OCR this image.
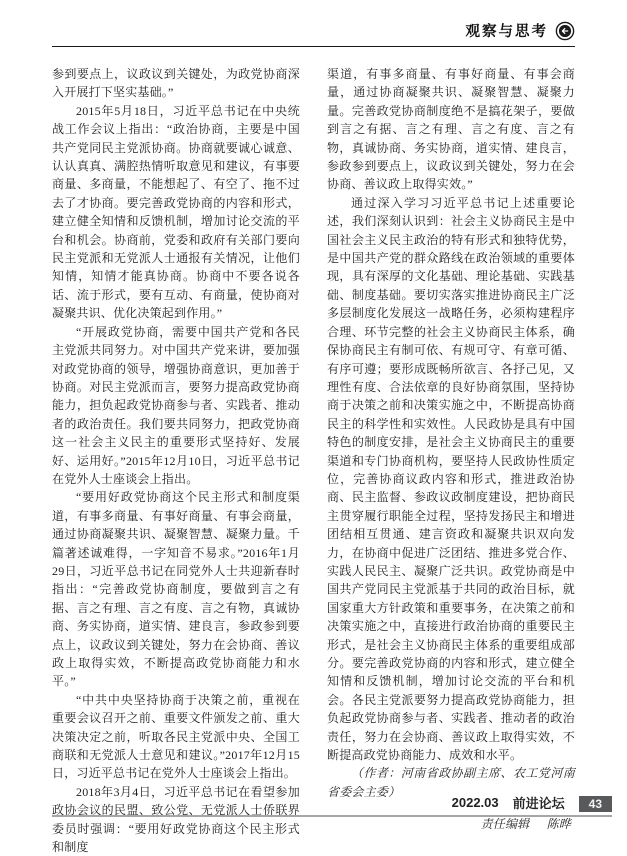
观察与思考

参到要点上，议政议到关键处，为政党协商深入开展打下坚实基础。”

2015年5月18日，习近平总书记在中央统战工作会议上指出：“政治协商，主要是中国共产党同民主党派协商。协商就要诚心诚意、认认真真、满腔热情听取意见和建议，有事要商量、多商量，不能想起了、有空了、拖不过去了才协商。要完善政党协商的内容和形式，建立健全知情和反馈机制，增加讨论交流的平台和机会。协商前，党委和政府有关部门要向民主党派和无党派人士通报有关情况，让他们知情，知情才能真协商。协商中不要各说各话、流于形式，要有互动、有商量，使协商对凝聚共识、优化决策起到作用。”

“开展政党协商，需要中国共产党和各民主党派共同努力。对中国共产党来讲，要加强对政党协商的领导，增强协商意识，更加善于协商。对民主党派而言，要努力提高政党协商能力，担负起政党协商参与者、实践者、推动者的政治责任。我们要共同努力，把政党协商这一社会主义民主的重要形式坚持好、发展好、运用好。”2015年12月10日，习近平总书记在党外人士座谈会上指出。

“要用好政党协商这个民主形式和制度渠道，有事多商量、有事好商量、有事会商量，通过协商凝聚共识、凝聚智慧、凝聚力量。千篇著述诚难得，一字知音不易求。”2016年1月29日，习近平总书记在同党外人士共迎新春时指出：“完善政党协商制度，要做到言之有据、言之有理、言之有度、言之有物，真诚协商、务实协商，道实情、建良言，参政参到要点上，议政议到关键处，努力在会协商、善议政上取得实效，不断提高政党协商能力和水平。”

“中共中央坚持协商于决策之前，重视在重要会议召开之前、重要文件颁发之前、重大决策决定之前，听取各民主党派中央、全国工商联和无党派人士意见和建议。”2017年12月15日，习近平总书记在党外人士座谈会上指出。

2018年3月4日，习近平总书记在看望参加政协会议的民盟、致公党、无党派人士侨联界委员时强调：“要用好政党协商这个民主形式和制度

渠道，有事多商量、有事好商量、有事会商量，通过协商凝聚共识、凝聚智慧、凝聚力量。完善政党协商制度绝不是搞花架子，要做到言之有据、言之有理、言之有度、言之有物，真诚协商、务实协商，道实情、建良言，参政参到要点上，议政议到关键处，努力在会协商、善议政上取得实效。”

通过深入学习习近平总书记上述重要论述，我们深刻认识到：社会主义协商民主是中国社会主义民主政治的特有形式和独特优势，是中国共产党的群众路线在政治领域的重要体现，具有深厚的文化基础、理论基础、实践基础、制度基础。要切实落实推进协商民主广泛多层制度化发展这一战略任务，必须构建程序合理、环节完整的社会主义协商民主体系，确保协商民主有制可依、有规可守、有章可循、有序可遵；要形成既畅所欲言、各抒己见，又理性有度、合法依章的良好协商氛围，坚持协商于决策之前和决策实施之中，不断提高协商民主的科学性和实效性。人民政协是具有中国特色的制度安排，是社会主义协商民主的重要渠道和专门协商机构，要坚持人民政协性质定位，完善协商议政内容和形式，推进政治协商、民主监督、参政议政制度建设，把协商民主贯穿履行职能全过程，坚持发扬民主和增进团结相互贯通、建言资政和凝聚共识双向发力，在协商中促进广泛团结、推进多党合作、实践人民民主、凝聚广泛共识。政党协商是中国共产党同民主党派基于共同的政治目标，就国家重大方针政策和重要事务，在决策之前和决策实施之中，直接进行政治协商的重要民主形式，是社会主义协商民主体系的重要组成部分。要完善政党协商的内容和形式，建立健全知情和反馈机制，增加讨论交流的平台和机会。各民主党派要努力提高政党协商能力，担负起政党协商参与者、实践者、推动者的政治责任，努力在会协商、善议政上取得实效，不断提高政党协商能力、成效和水平。

（作者：河南省政协副主席、农工党河南省委会主委）

责任编辑 陈晔
2022.03 前进论坛	43
